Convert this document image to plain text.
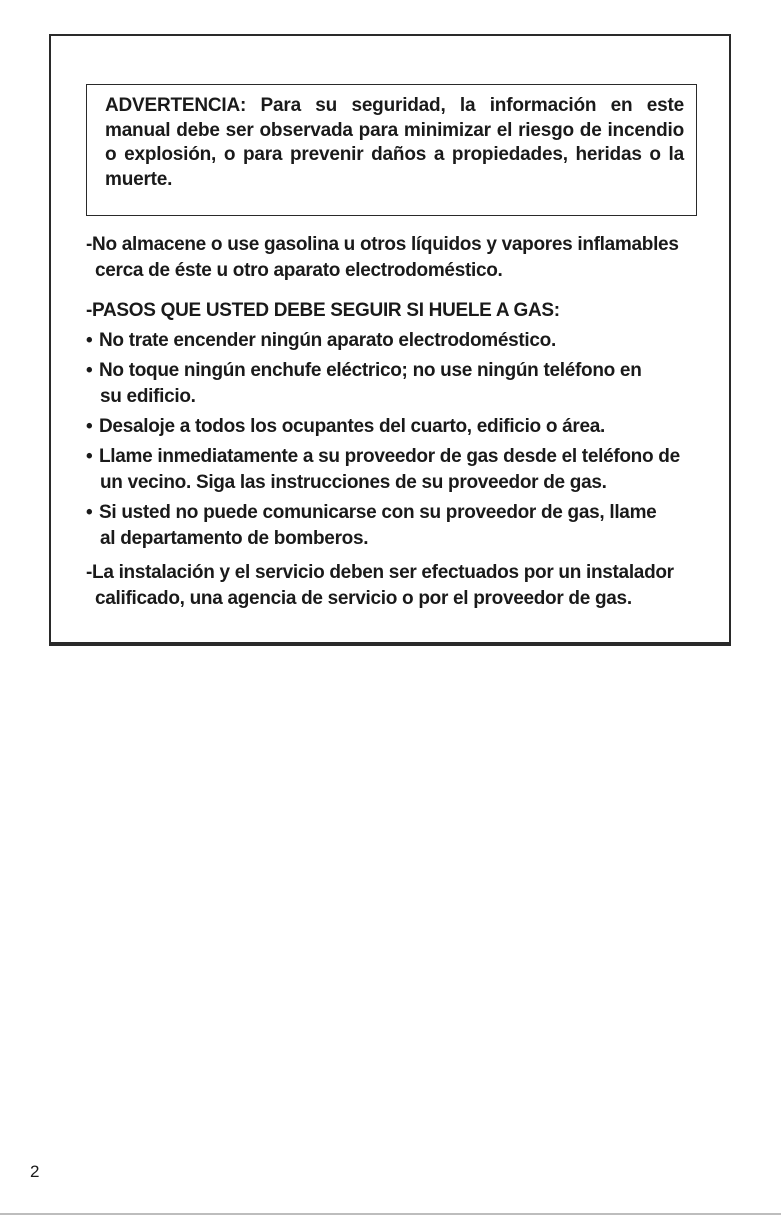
ADVERTENCIA: Para su seguridad, la información en este manual debe ser observada para minimizar el riesgo de incendio o explosión, o para prevenir daños a propiedades, heridas o la muerte.

-No almacene o use gasolina u otros líquidos y vapores inflamables
cerca de éste u otro aparato electrodoméstico.
-PASOS QUE USTED DEBE SEGUIR SI HUELE A GAS:
• No trate encender ningún aparato electrodoméstico.
• No toque ningún enchufe eléctrico; no use ningún teléfono en
su edificio.
• Desaloje a todos los ocupantes del cuarto, edificio o área.
• Llame inmediatamente a su proveedor de gas desde el teléfono de
un vecino. Siga las instrucciones de su proveedor de gas.
• Si usted no puede comunicarse con su proveedor de gas, llame
al departamento de bomberos.
-La instalación y el servicio deben ser efectuados por un instalador
calificado, una agencia de servicio o por el proveedor de gas.
2
